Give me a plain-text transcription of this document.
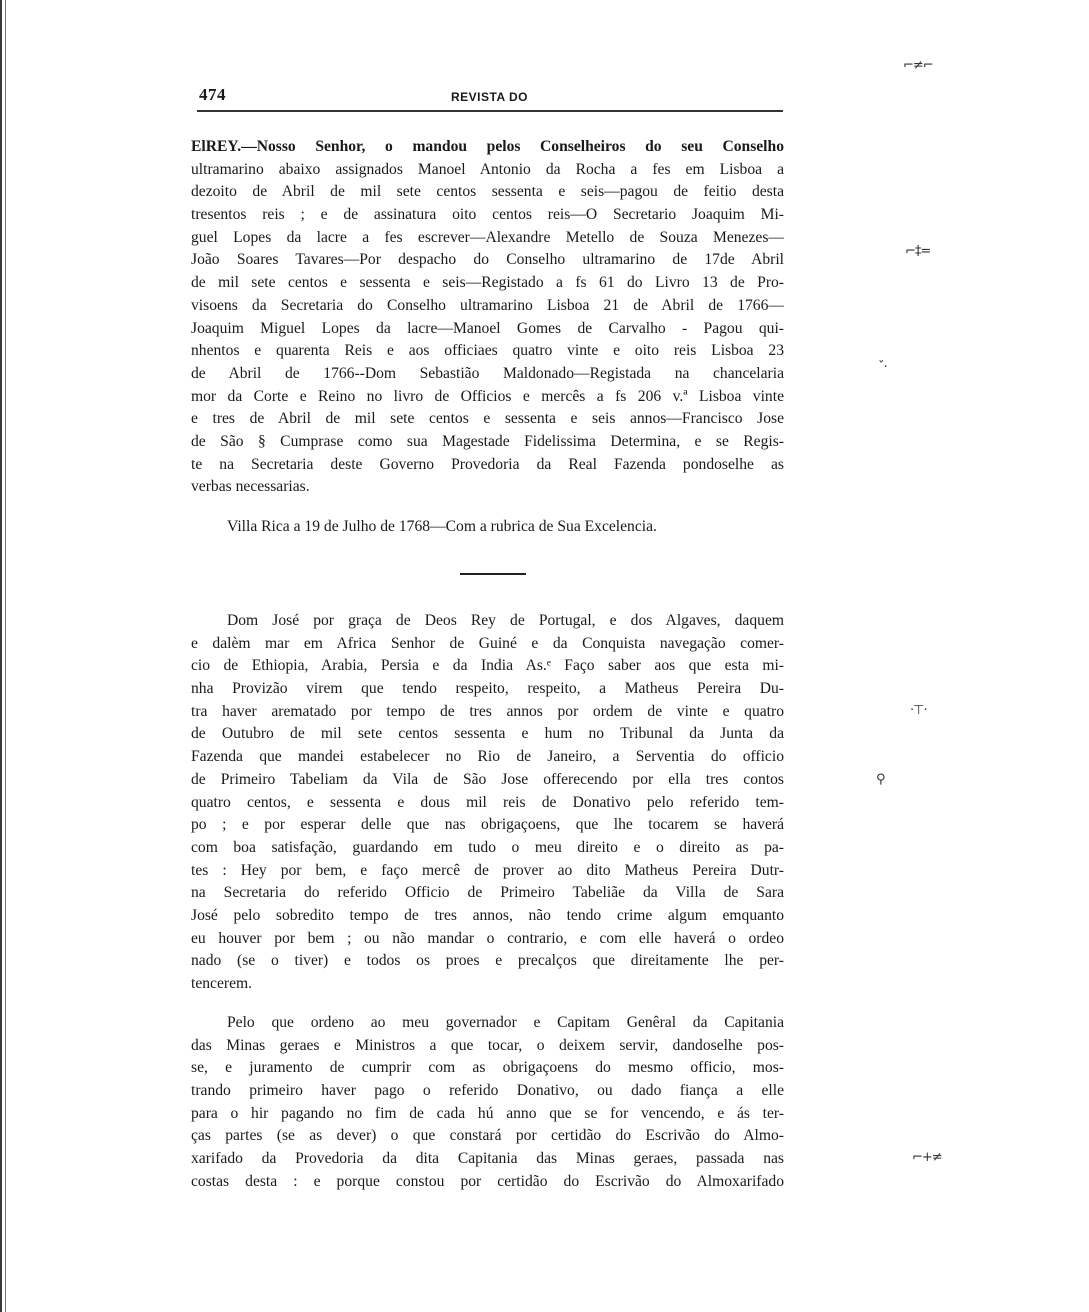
474	REVISTA DO
ElREY.—Nosso Senhor, o mandou pelos Conselheiros do seu Conselho
ultramarino abaixo assignados Manoel Antonio da Rocha a fes em Lisboa a
dezoito de Abril de mil sete centos sessenta e seis—pagou de feitio desta
tresentos reis ; e de assinatura oito centos reis—O Secretario Joaquim Mi-
guel Lopes da lacre a fes escrever—Alexandre Metello de Souza Menezes—
João Soares Tavares—Por despacho do Conselho ultramarino de 17de Abril
de mil sete centos e sessenta e seis—Registado a fs 61 do Livro 13 de Pro-
visoens da Secretaria do Conselho ultramarino Lisboa 21 de Abril de 1766—
Joaquim Miguel Lopes da lacre—Manoel Gomes de Carvalho - Pagou qui-
nhentos e quarenta Reis e aos officiaes quatro vinte e oito reis Lisboa 23
de Abril de 1766--Dom Sebastião Maldonado—Registada na chancelaria
mor da Corte e Reino no livro de Officios e mercês a fs 206 v.ª Lisboa vinte
e tres de Abril de mil sete centos e sessenta e seis annos—Francisco Jose
de São § Cumprase como sua Magestade Fidelissima Determina, e se Regis-
te na Secretaria deste Governo Provedoria da Real Fazenda pondoselhe as
verbas necessarias.
Villa Rica a 19 de Julho de 1768—Com a rubrica de Sua Excelencia.
Dom José por graça de Deos Rey de Portugal, e dos Algaves, daquem
e dalèm mar em Africa Senhor de Guiné e da Conquista navegação comer-
cio de Ethiopia, Arabia, Persia e da India As.ᵉ Faço saber aos que esta mi-
nha Provizão virem que tendo respeito, respeito, a Matheus Pereira Du-
tra haver arematado por tempo de tres annos por ordem de vinte e quatro
de Outubro de mil sete centos sessenta e hum no Tribunal da Junta da
Fazenda que mandei estabelecer no Rio de Janeiro, a Serventia do officio
de Primeiro Tabeliam da Vila de São Jose offerecendo por ella tres contos
quatro centos, e sessenta e dous mil reis de Donativo pelo referido tem-
po ; e por esperar delle que nas obrigaçoens, que lhe tocarem se haverá
com boa satisfação, guardando em tudo o meu direito e o direito as pa-
tes : Hey por bem, e faço mercê de prover ao dito Matheus Pereira Dutr-
na Secretaria do referido Officio de Primeiro Tabeliãe da Villa de Sara
José pelo sobredito tempo de tres annos, não tendo crime algum emquanto
eu houver por bem ; ou não mandar o contrario, e com elle haverá o ordeo
nado (se o tiver) e todos os proes e precalços que direitamente lhe per-
tencerem.
Pelo que ordeno ao meu governador e Capitam Genêral da Capitania
das Minas geraes e Ministros a que tocar, o deixem servir, dandoselhe pos-
se, e juramento de cumprir com as obrigaçoens do mesmo officio, mos-
trando primeiro haver pago o referido Donativo, ou dado fiança a elle
para o hir pagando no fim de cada hú anno que se for vencendo, e ás ter-
ças partes (se as dever) o que constará por certidão do Escrivão do Almo-
xarifado da Provedoria da dita Capitania das Minas geraes, passada nas
costas desta : e porque constou por certidão do Escrivão do Almoxarifado
⌐≠⌐
⌐‡=
ˇ·
‧⊤‧
⚲
⌐+≠
